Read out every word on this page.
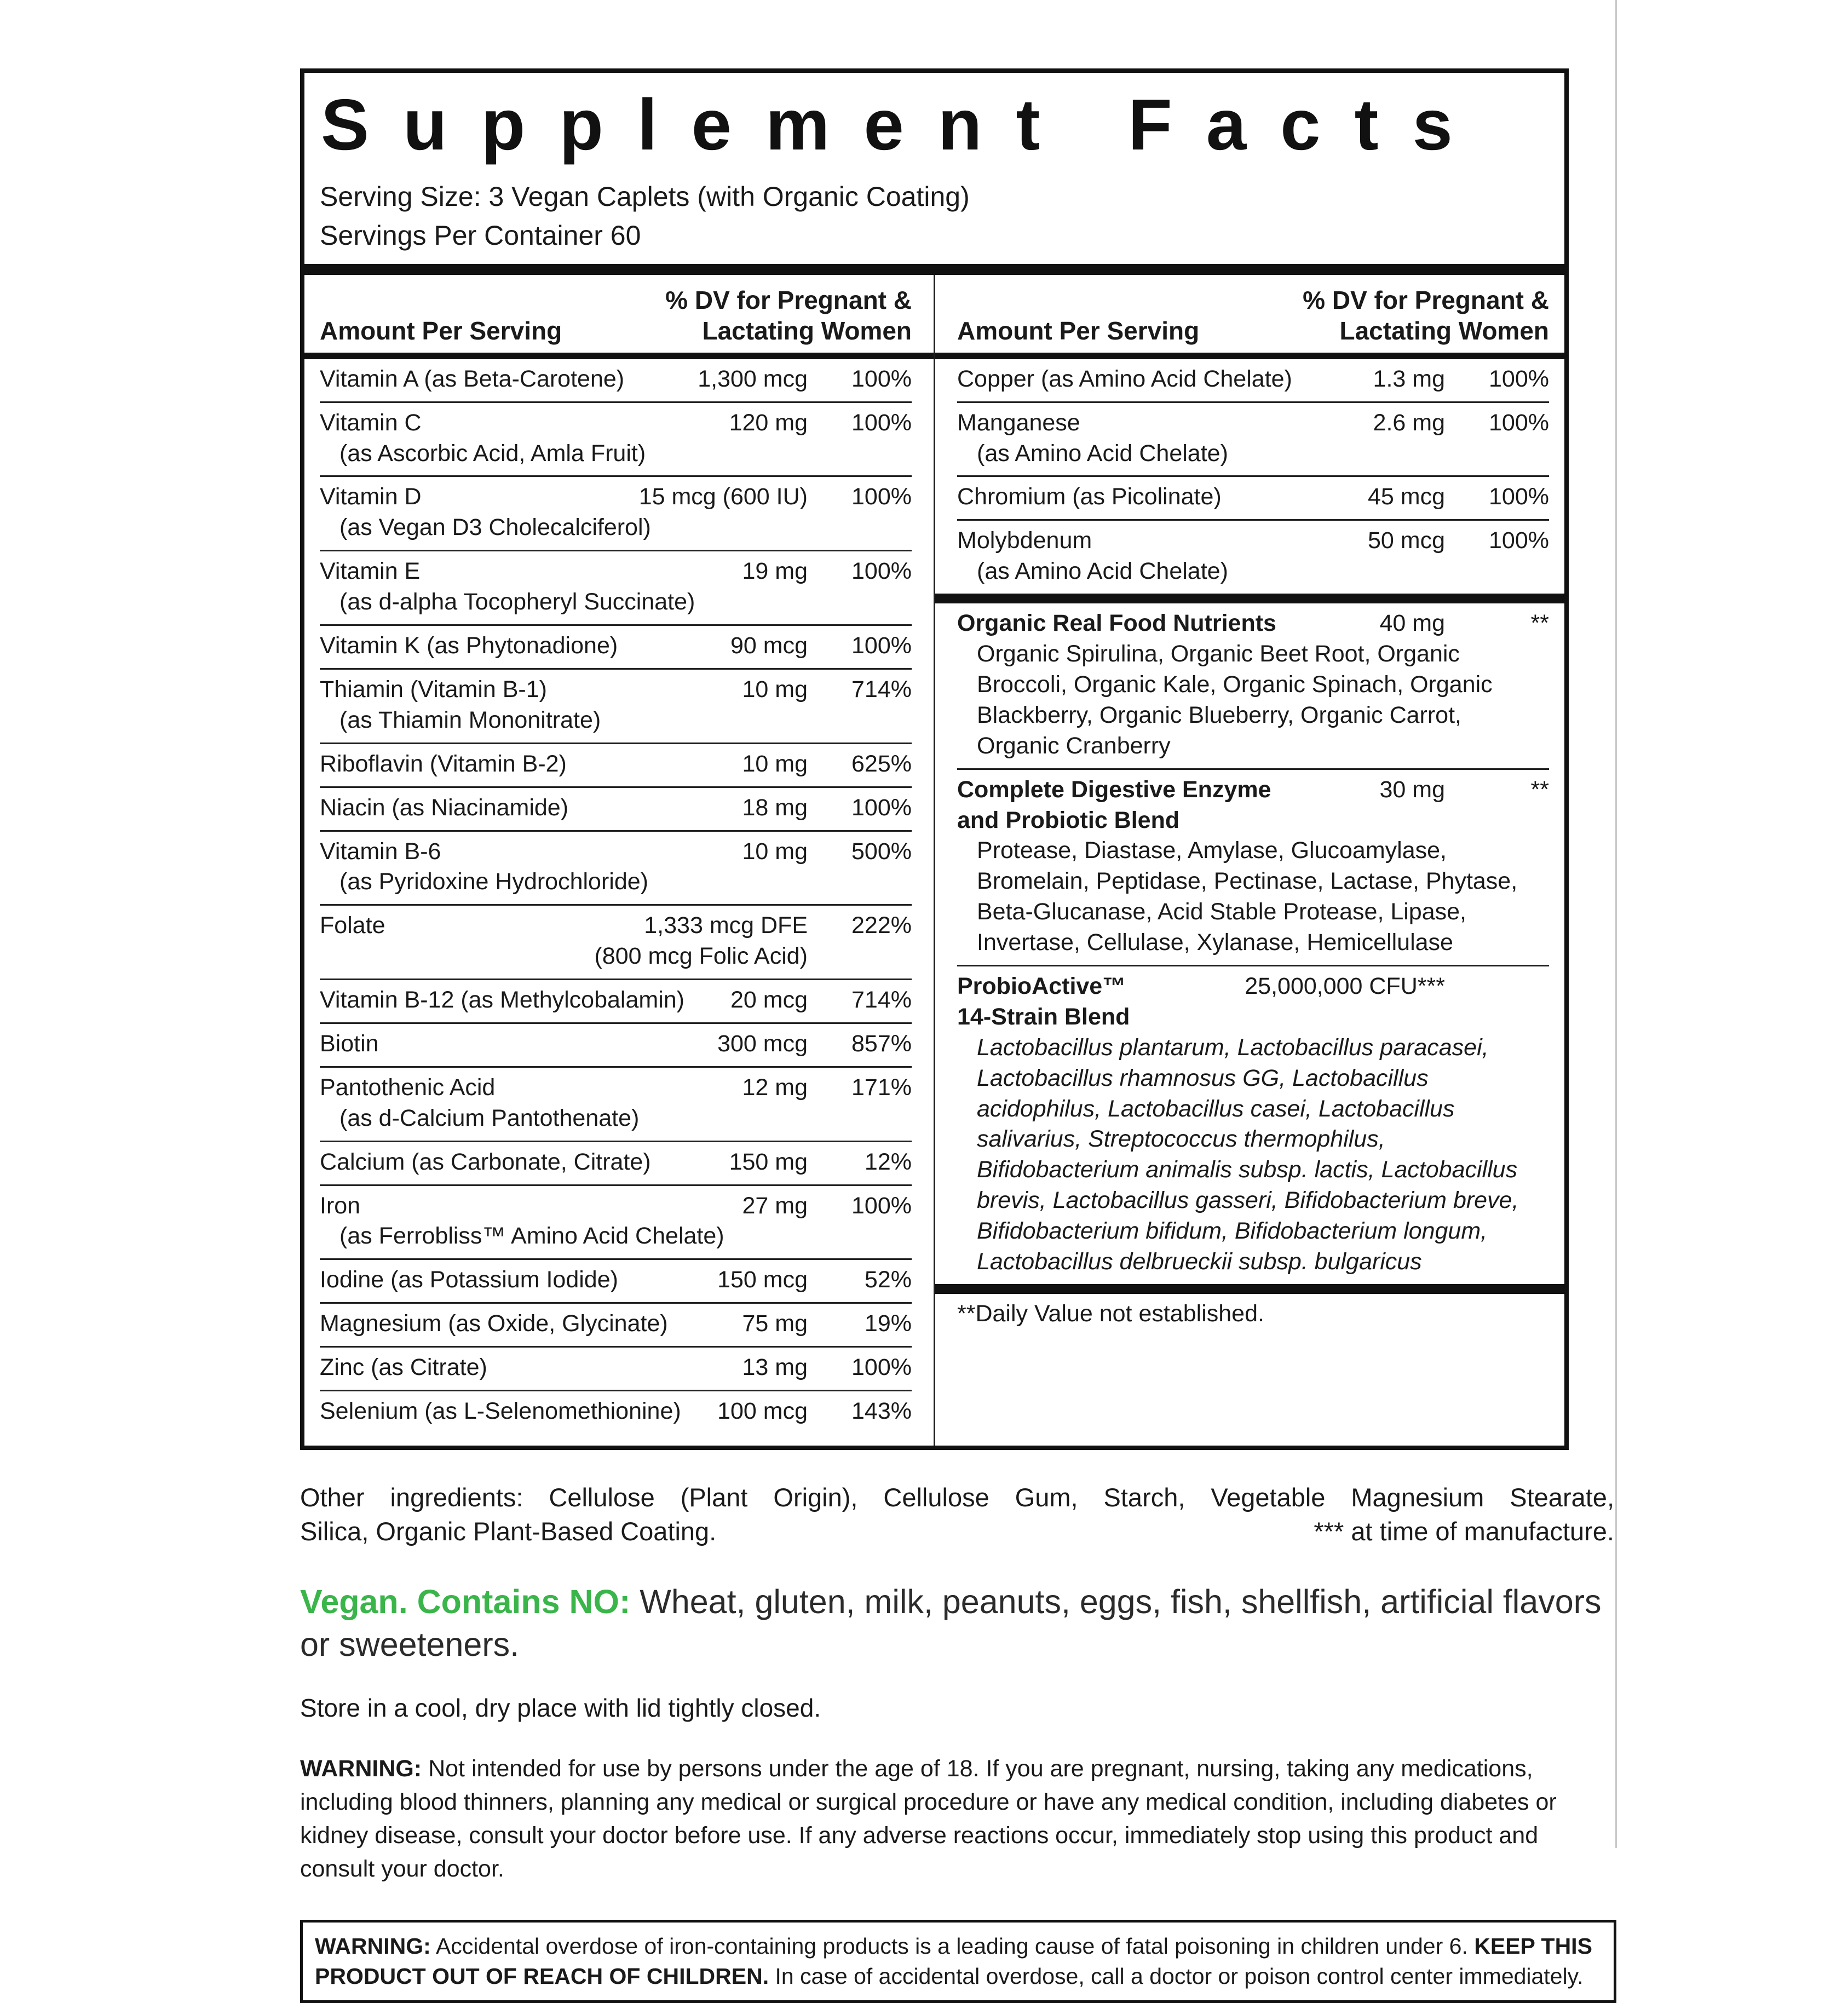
Supplement Facts
Serving Size: 3 Vegan Caplets (with Organic Coating)
Servings Per Container 60
Amount Per Serving
% DV for Pregnant &
Lactating Women
Vitamin A (as Beta-Carotene)	1,300 mcg	100%
Vitamin C	120 mg	100%
(as Ascorbic Acid, Amla Fruit)
Vitamin D	15 mcg (600 IU)	100%
(as Vegan D3 Cholecalciferol)
Vitamin E	19 mg	100%
(as d-alpha Tocopheryl Succinate)
Vitamin K (as Phytonadione)	90 mcg	100%
Thiamin (Vitamin B-1)	10 mg	714%
(as Thiamin Mononitrate)
Riboflavin (Vitamin B-2)	10 mg	625%
Niacin (as Niacinamide)	18 mg	100%
Vitamin B-6	10 mg	500%
(as Pyridoxine Hydrochloride)
Folate	1,333 mcg DFE	222%
(800 mcg Folic Acid)
Vitamin B-12 (as Methylcobalamin)	20 mcg	714%
Biotin	300 mcg	857%
Pantothenic Acid	12 mg	171%
(as d-Calcium Pantothenate)
Calcium (as Carbonate, Citrate)	150 mg	12%
Iron	27 mg	100%
(as Ferrobliss™ Amino Acid Chelate)
Iodine (as Potassium Iodide)	150 mcg	52%
Magnesium (as Oxide, Glycinate)	75 mg	19%
Zinc (as Citrate)	13 mg	100%
Selenium (as L-Selenomethionine)	100 mcg	143%
Amount Per Serving
% DV for Pregnant &
Lactating Women
Copper (as Amino Acid Chelate)	1.3 mg	100%
Manganese	2.6 mg	100%
(as Amino Acid Chelate)
Chromium (as Picolinate)	45 mcg	100%
Molybdenum	50 mcg	100%
(as Amino Acid Chelate)
Organic Real Food Nutrients	40 mg	**
Organic Spirulina, Organic Beet Root, Organic Broccoli, Organic Kale, Organic Spinach, Organic Blackberry, Organic Blueberry, Organic Carrot, Organic Cranberry
Complete Digestive Enzyme	30 mg	**
and Probiotic Blend
Protease, Diastase, Amylase, Glucoamylase, Bromelain, Peptidase, Pectinase, Lactase, Phytase, Beta-Glucanase, Acid Stable Protease, Lipase, Invertase, Cellulase, Xylanase, Hemicellulase
ProbioActive™	25,000,000 CFU***
14-Strain Blend
Lactobacillus plantarum, Lactobacillus paracasei, Lactobacillus rhamnosus GG, Lactobacillus acidophilus, Lactobacillus casei, Lactobacillus salivarius, Streptococcus thermophilus, Bifidobacterium animalis subsp. lactis, Lactobacillus brevis, Lactobacillus gasseri, Bifidobacterium breve, Bifidobacterium bifidum, Bifidobacterium longum, Lactobacillus delbrueckii subsp. bulgaricus
**Daily Value not established.
Other ingredients: Cellulose (Plant Origin), Cellulose Gum, Starch, Vegetable Magnesium Stearate,
Silica, Organic Plant-Based Coating.	*** at time of manufacture.
Vegan. Contains NO: Wheat, gluten, milk, peanuts, eggs, fish, shellfish, artificial flavors or sweeteners.
Store in a cool, dry place with lid tightly closed.
WARNING: Not intended for use by persons under the age of 18. If you are pregnant, nursing, taking any medications, including blood thinners, planning any medical or surgical procedure or have any medical condition, including diabetes or kidney disease, consult your doctor before use. If any adverse reactions occur, immediately stop using this product and consult your doctor.
WARNING: Accidental overdose of iron-containing products is a leading cause of fatal poisoning in children under 6. KEEP THIS PRODUCT OUT OF REACH OF CHILDREN. In case of accidental overdose, call a doctor or poison control center immediately.
